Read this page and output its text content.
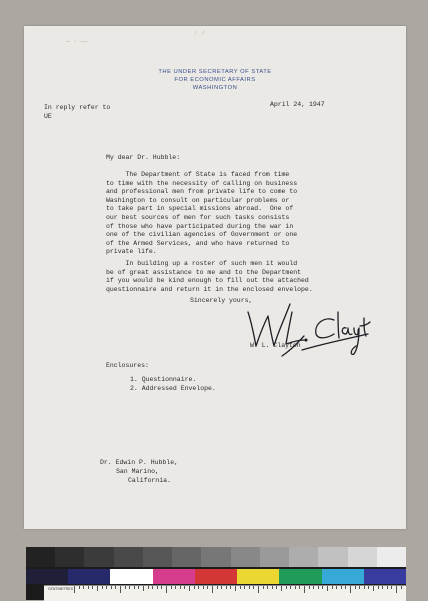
— · ——
⁄ /
THE UNDER SECRETARY OF STATE
FOR ECONOMIC AFFAIRS
WASHINGTON
In reply refer to
UE
April 24, 1947
My dear Dr. Hubble:
The Department of State is faced from time
to time with the necessity of calling on business
and professional men from private life to come to
Washington to consult on particular problems or
to take part in special missions abroad.  One of
our best sources of men for such tasks consists
of those who have participated during the war in
one of the civilian agencies of Government or one
of the Armed Services, and who have returned to
private life.
In building up a roster of such men it would
be of great assistance to me and to the Department
if you would be kind enough to fill out the attached
questionnaire and return it in the enclosed envelope.
Sincerely yours,
W. L. Clayton
Enclosures:
1. Questionnaire.
2. Addressed Envelope.
Dr. Edwin P. Hubble,
San Marino,
California.
CENTIMETRES
